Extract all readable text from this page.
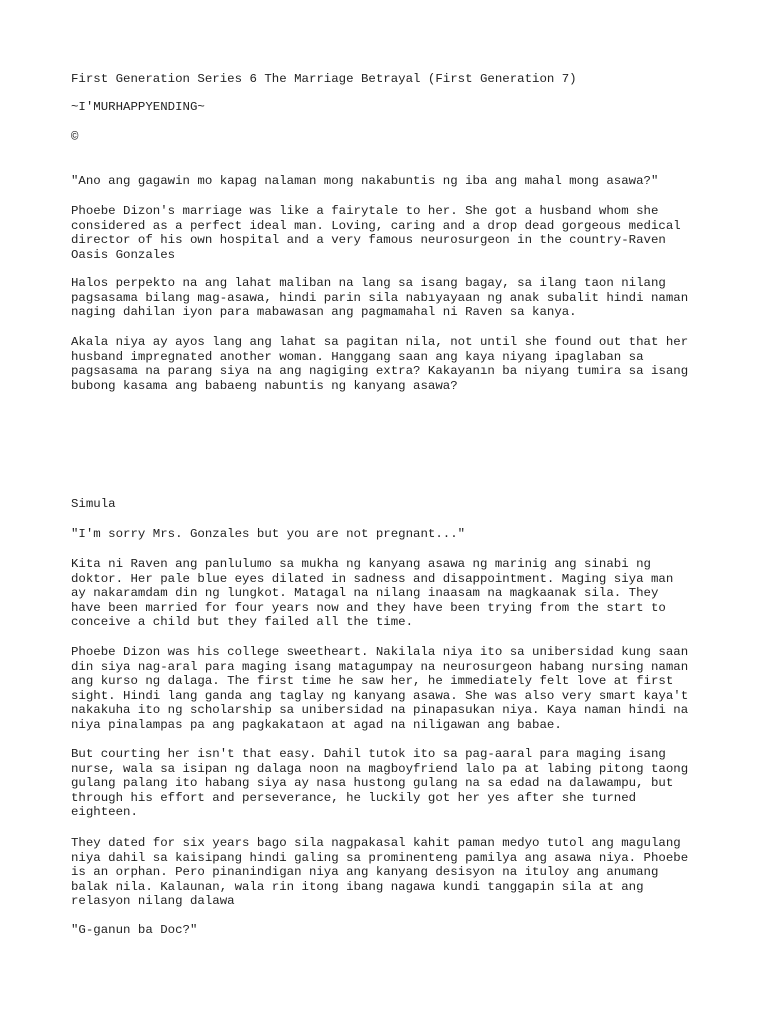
First Generation Series 6 The Marriage Betrayal (First Generation 7)
~I'MURHAPPYENDING~
©
"Ano ang gagawin mo kapag nalaman mong nakabuntis ng iba ang mahal mong asawa?"
Phoebe Dizon's marriage was like a fairytale to her. She got a husband whom she
considered as a perfect ideal man. Loving, caring and a drop dead gorgeous medical
director of his own hospital and a very famous neurosurgeon in the country-Raven
Oasis Gonzales
Halos perpekto na ang lahat maliban na lang sa isang bagay, sa ilang taon nilang
pagsasama bilang mag-asawa, hindi parin sila nabıyayaan ng anak subalit hindi naman
naging dahilan iyon para mabawasan ang pagmamahal ni Raven sa kanya.
Akala niya ay ayos lang ang lahat sa pagitan nila, not until she found out that her
husband impregnated another woman. Hanggang saan ang kaya niyang ipaglaban sa
pagsasama na parang siya na ang nagiging extra? Kakayanın ba niyang tumira sa isang
bubong kasama ang babaeng nabuntis ng kanyang asawa?
Simula
"I'm sorry Mrs. Gonzales but you are not pregnant..."
Kita ni Raven ang panlulumo sa mukha ng kanyang asawa ng marinig ang sinabi ng
doktor. Her pale blue eyes dilated in sadness and disappointment. Maging siya man
ay nakaramdam din ng lungkot. Matagal na nilang inaasam na magkaanak sila. They
have been married for four years now and they have been trying from the start to
conceive a child but they failed all the time.
Phoebe Dizon was his college sweetheart. Nakilala niya ito sa unibersidad kung saan
din siya nag-aral para maging isang matagumpay na neurosurgeon habang nursing naman
ang kurso ng dalaga. The first time he saw her, he immediately felt love at first
sight. Hindi lang ganda ang taglay ng kanyang asawa. She was also very smart kaya't
nakakuha ito ng scholarship sa unibersidad na pinapasukan niya. Kaya naman hindi na
niya pinalampas pa ang pagkakataon at agad na niligawan ang babae.
But courting her isn't that easy. Dahil tutok ito sa pag-aaral para maging isang
nurse, wala sa isipan ng dalaga noon na magboyfriend lalo pa at labing pitong taong
gulang palang ito habang siya ay nasa hustong gulang na sa edad na dalawampu, but
through his effort and perseverance, he luckily got her yes after she turned
eighteen.
They dated for six years bago sila nagpakasal kahit paman medyo tutol ang magulang
niya dahil sa kaisipang hindi galing sa prominenteng pamilya ang asawa niya. Phoebe
is an orphan. Pero pinanindigan niya ang kanyang desisyon na ituloy ang anumang
balak nila. Kalaunan, wala rin itong ibang nagawa kundi tanggapin sila at ang
relasyon nilang dalawa
"G-ganun ba Doc?"
